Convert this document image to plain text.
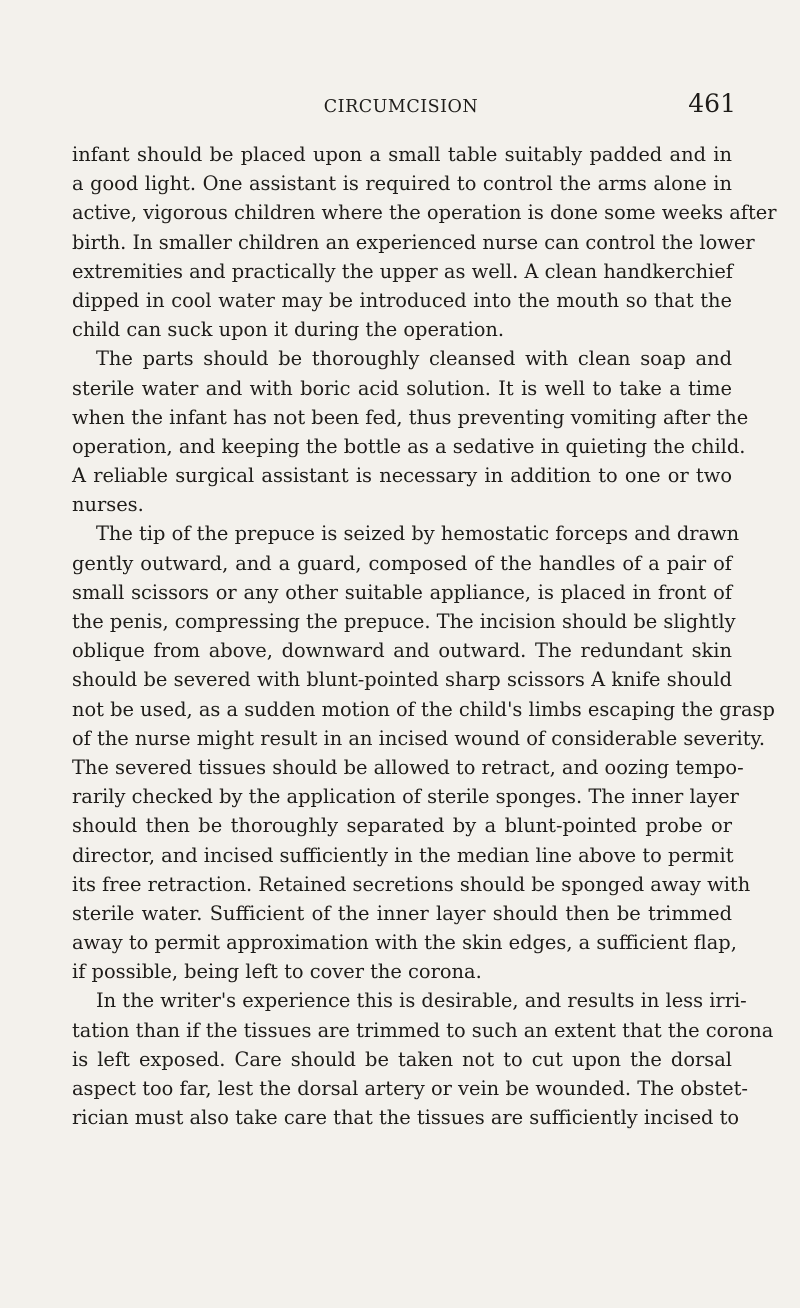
CIRCUMCISION	461
infant should be placed upon a small table suitably padded and in
a good light. One assistant is required to control the arms alone in
active, vigorous children where the operation is done some weeks after
birth. In smaller children an experienced nurse can control the lower
extremities and practically the upper as well. A clean handkerchief
dipped in cool water may be introduced into the mouth so that the
child can suck upon it during the operation.
The parts should be thoroughly cleansed with clean soap and
sterile water and with boric acid solution. It is well to take a time
when the infant has not been fed, thus preventing vomiting after the
operation, and keeping the bottle as a sedative in quieting the child.
A reliable surgical assistant is necessary in addition to one or two
nurses.
The tip of the prepuce is seized by hemostatic forceps and drawn
gently outward, and a guard, composed of the handles of a pair of
small scissors or any other suitable appliance, is placed in front of
the penis, compressing the prepuce. The incision should be slightly
oblique from above, downward and outward. The redundant skin
should be severed with blunt-pointed sharp scissors A knife should
not be used, as a sudden motion of the child's limbs escaping the grasp
of the nurse might result in an incised wound of considerable severity.
The severed tissues should be allowed to retract, and oozing tempo-
rarily checked by the application of sterile sponges. The inner layer
should then be thoroughly separated by a blunt-pointed probe or
director, and incised sufficiently in the median line above to permit
its free retraction. Retained secretions should be sponged away with
sterile water. Sufficient of the inner layer should then be trimmed
away to permit approximation with the skin edges, a sufficient flap,
if possible, being left to cover the corona.
In the writer's experience this is desirable, and results in less irri-
tation than if the tissues are trimmed to such an extent that the corona
is left exposed. Care should be taken not to cut upon the dorsal
aspect too far, lest the dorsal artery or vein be wounded. The obstet-
rician must also take care that the tissues are sufficiently incised to
